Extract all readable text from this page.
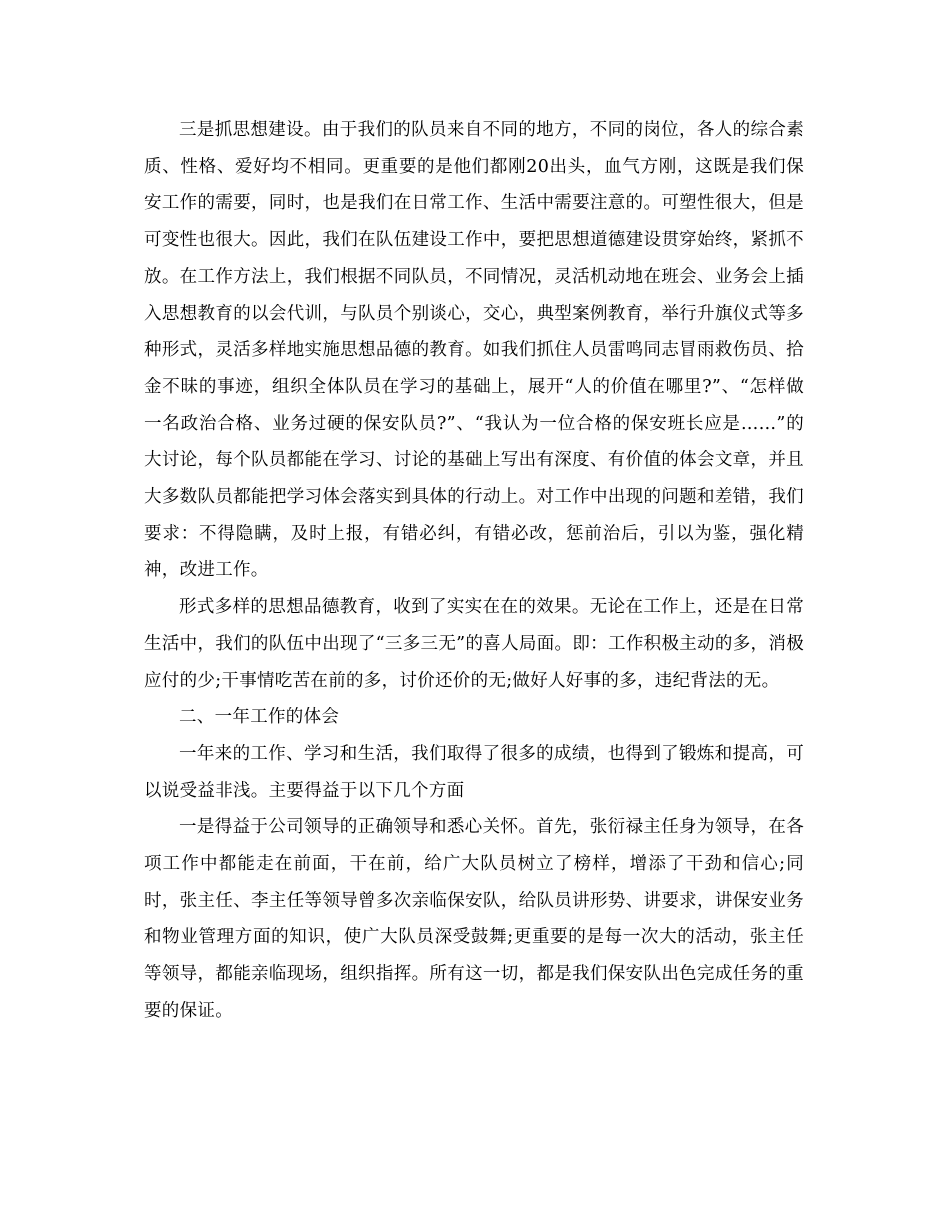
三是抓思想建设。由于我们的队员来自不同的地方，不同的岗位，各人的综合素质、性格、爱好均不相同。更重要的是他们都刚20出头，血气方刚，这既是我们保安工作的需要，同时，也是我们在日常工作、生活中需要注意的。可塑性很大，但是可变性也很大。因此，我们在队伍建设工作中，要把思想道德建设贯穿始终，紧抓不放。在工作方法上，我们根据不同队员，不同情况，灵活机动地在班会、业务会上插入思想教育的以会代训，与队员个别谈心，交心，典型案例教育，举行升旗仪式等多种形式，灵活多样地实施思想品德的教育。如我们抓住人员雷鸣同志冒雨救伤员、拾金不昧的事迹，组织全体队员在学习的基础上，展开“人的价值在哪里?”、“怎样做一名政治合格、业务过硬的保安队员?”、“我认为一位合格的保安班长应是……”的大讨论，每个队员都能在学习、讨论的基础上写出有深度、有价值的体会文章，并且大多数队员都能把学习体会落实到具体的行动上。对工作中出现的问题和差错，我们要求：不得隐瞒，及时上报，有错必纠，有错必改，惩前治后，引以为鉴，强化精神，改进工作。

形式多样的思想品德教育，收到了实实在在的效果。无论在工作上，还是在日常生活中，我们的队伍中出现了“三多三无”的喜人局面。即：工作积极主动的多，消极应付的少;干事情吃苦在前的多，讨价还价的无;做好人好事的多，违纪背法的无。

二、一年工作的体会

一年来的工作、学习和生活，我们取得了很多的成绩，也得到了锻炼和提高，可以说受益非浅。主要得益于以下几个方面

一是得益于公司领导的正确领导和悉心关怀。首先，张衍禄主任身为领导，在各项工作中都能走在前面，干在前，给广大队员树立了榜样，增添了干劲和信心;同时，张主任、李主任等领导曾多次亲临保安队，给队员讲形势、讲要求，讲保安业务和物业管理方面的知识，使广大队员深受鼓舞;更重要的是每一次大的活动，张主任等领导，都能亲临现场，组织指挥。所有这一切，都是我们保安队出色完成任务的重要的保证。
